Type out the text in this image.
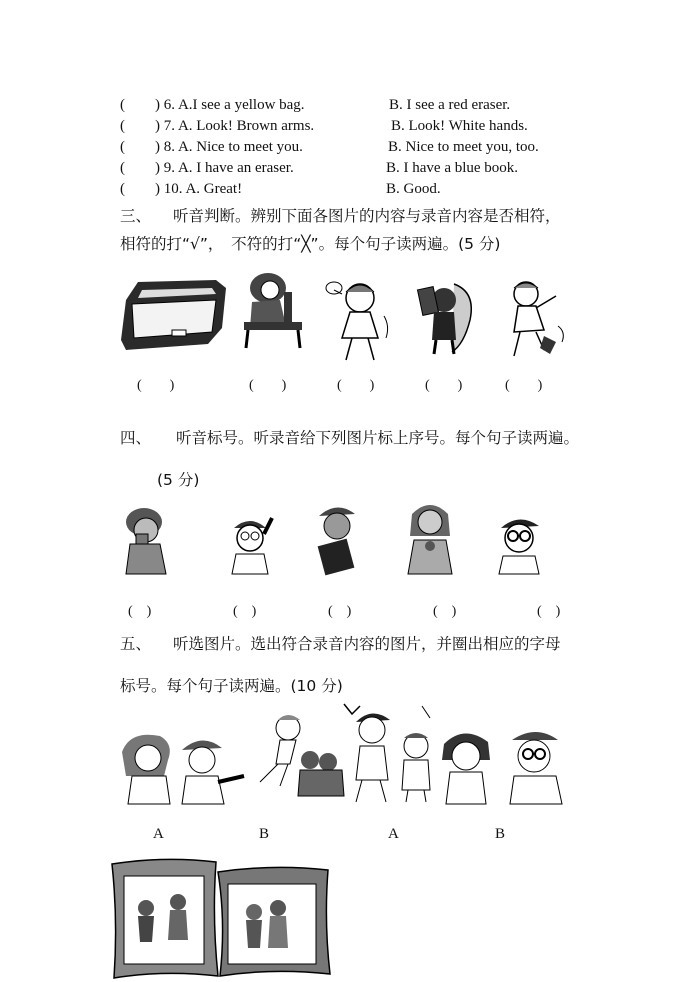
( ) 6. A.I see a yellow bag.	B. I see a red eraser.
( ) 7. A. Look! Brown arms.	B. Look! White hands.
( ) 8. A. Nice to meet you.	B. Nice to meet you, too.
( ) 9. A. I have an eraser.	B. I have a blue book.
( ) 10. A. Great!	B. Good.
三、 听音判断。辨别下面各图片的内容与录音内容是否相符，
相符的打“√”，　不符的打“╳”。每个句子读两遍。(5 分)
(　　)	(　　)	(　　)	(　　)	(　　)
四、 听音标号。听录音给下列图片标上序号。每个句子读两遍。
(5 分)
(　)	(　)	(　)	(　)	(　)
五、 听选图片。选出符合录音内容的图片，并圈出相应的字母
标号。每个句子读两遍。(10 分)
A	B	A	B
